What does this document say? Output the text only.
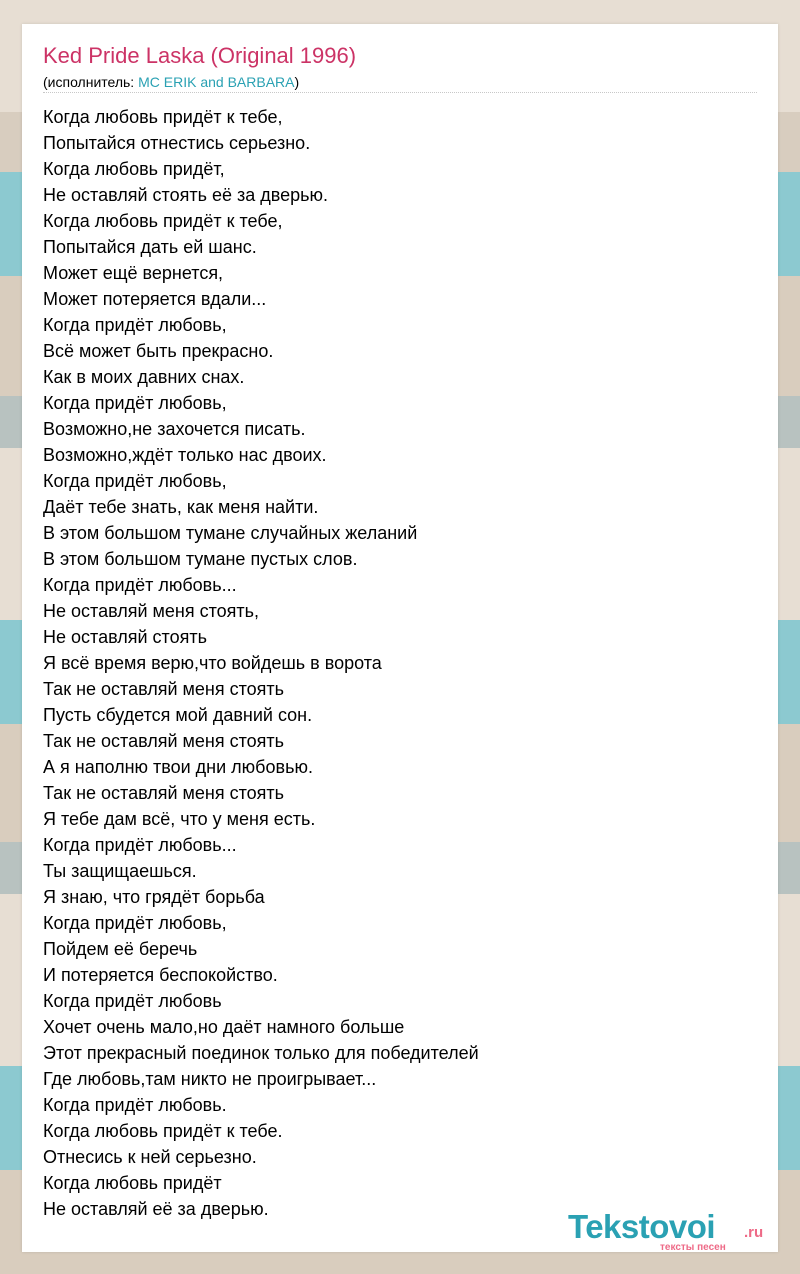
Ked Pride Laska (Original 1996)
(исполнитель: MC ERIK and BARBARA)
Когда любовь придёт к тебе,
Попытайся отнестись серьезно.
Когда любовь придёт,
Не оставляй стоять её за дверью.
Когда любовь придёт к тебе,
Попытайся дать ей шанс.
Может ещё вернется,
Может потеряется вдали...
Когда придёт любовь,
Всё может быть прекрасно.
Как в моих давних снах.
Когда придёт любовь,
Возможно,не захочется писать.
Возможно,ждёт только нас двоих.
Когда придёт любовь,
Даёт тебе знать, как меня найти.
В этом большом тумане случайных желаний
В этом большом тумане пустых слов.
Когда придёт любовь...
Не оставляй меня стоять,
Не оставляй стоять
Я всё время верю,что войдешь в ворота
Так не оставляй меня стоять
Пусть сбудется мой давний сон.
Так не оставляй меня стоять
А я наполню твои дни любовью.
Так не оставляй меня стоять
Я тебе дам всё, что у меня есть.
Когда придёт любовь...
Ты защищаешься.
Я знаю, что грядёт борьба
Когда придёт любовь,
Пойдем её беречь
И потеряется беспокойство.
Когда придёт любовь
Хочет очень мало,но даёт намного больше
Этот прекрасный поединок только для победителей
Где любовь,там никто не проигрывает...
Когда придёт любовь.
Когда любовь придёт к тебе.
Отнесись к ней серьезно.
Когда любовь придёт
Не оставляй её за дверью.	Tekstovoi .ru
тексты песен
